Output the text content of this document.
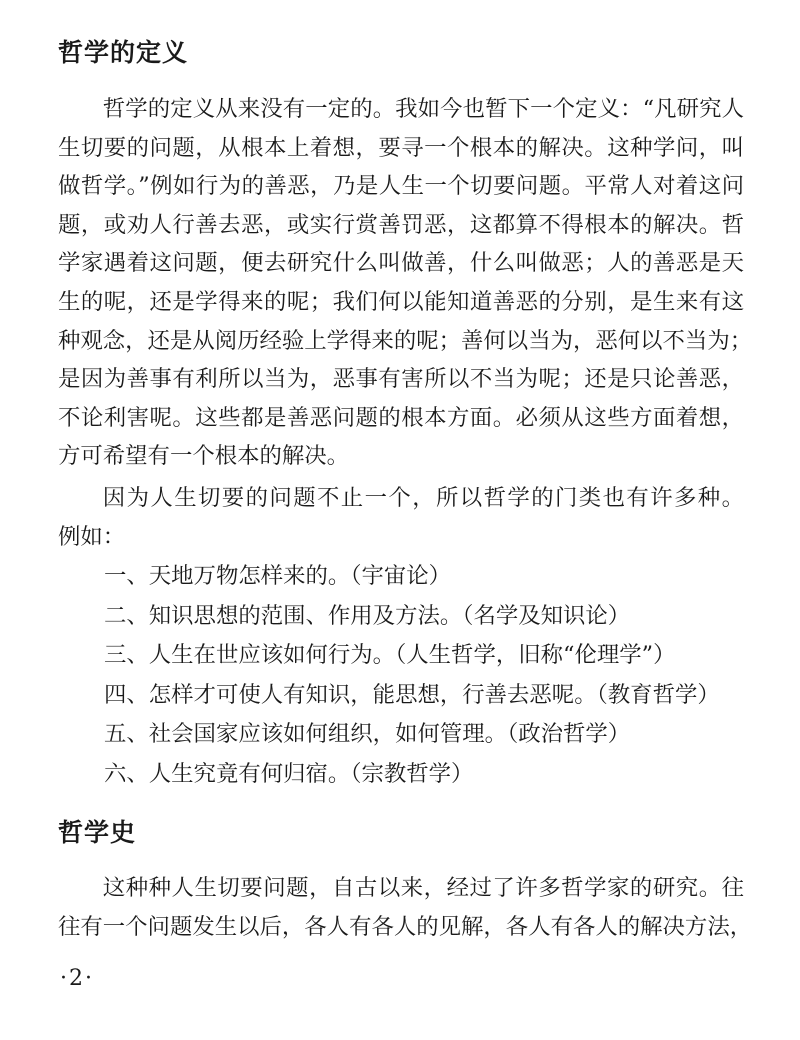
哲学的定义

哲学的定义从来没有一定的。我如今也暂下一个定义：“凡研究人
生切要的问题，从根本上着想，要寻一个根本的解决。这种学问，叫
做哲学。”例如行为的善恶，乃是人生一个切要问题。平常人对着这问
题，或劝人行善去恶，或实行赏善罚恶，这都算不得根本的解决。哲
学家遇着这问题，便去研究什么叫做善，什么叫做恶；人的善恶是天
生的呢，还是学得来的呢；我们何以能知道善恶的分别，是生来有这
种观念，还是从阅历经验上学得来的呢；善何以当为，恶何以不当为；
是因为善事有利所以当为，恶事有害所以不当为呢；还是只论善恶，
不论利害呢。这些都是善恶问题的根本方面。必须从这些方面着想，
方可希望有一个根本的解决。

因为人生切要的问题不止一个，所以哲学的门类也有许多种。
例如：

一、天地万物怎样来的。（宇宙论）
二、知识思想的范围、作用及方法。（名学及知识论）
三、人生在世应该如何行为。（人生哲学，旧称“伦理学”）
四、怎样才可使人有知识，能思想，行善去恶呢。（教育哲学）
五、社会国家应该如何组织，如何管理。（政治哲学）
六、人生究竟有何归宿。（宗教哲学）
哲学史

这种种人生切要问题，自古以来，经过了许多哲学家的研究。往
往有一个问题发生以后，各人有各人的见解，各人有各人的解决方法，

·2·
